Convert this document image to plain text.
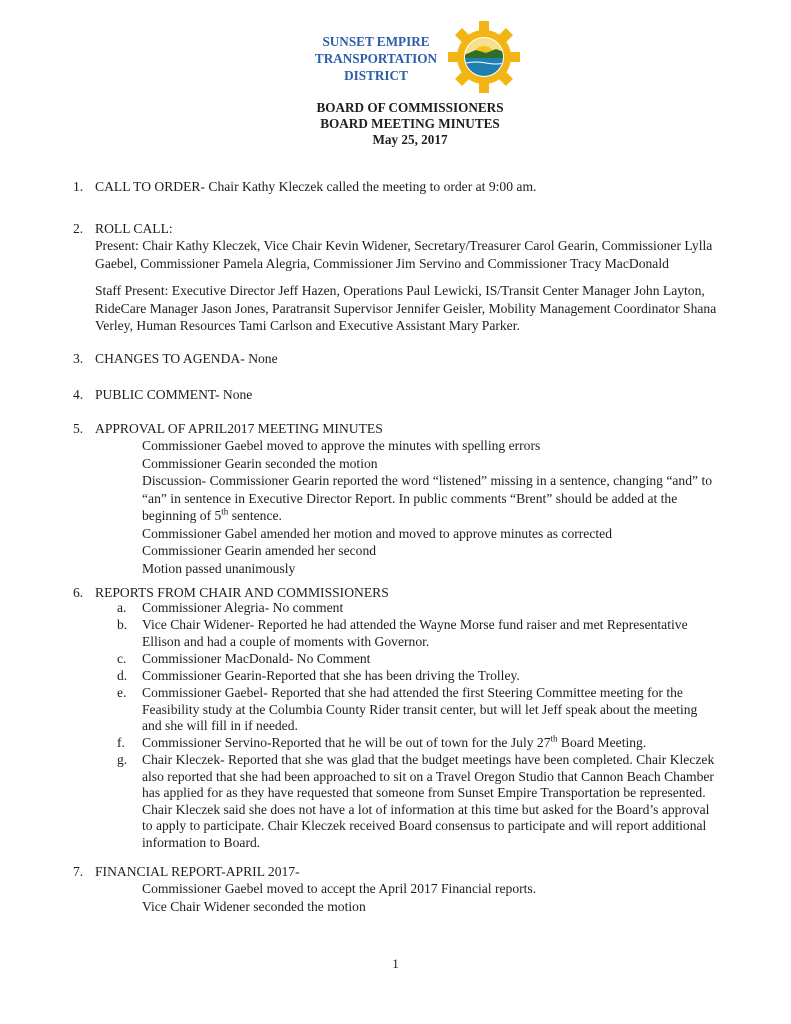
SUNSET EMPIRE
TRANSPORTATION
DISTRICT
BOARD OF COMMISSIONERS
BOARD MEETING MINUTES
May 25, 2017
1. CALL TO ORDER- Chair Kathy Kleczek called the meeting to order at 9:00 am.
2. ROLL CALL:
Present: Chair Kathy Kleczek, Vice Chair Kevin Widener, Secretary/Treasurer Carol Gearin, Commissioner Lylla
Gaebel, Commissioner Pamela Alegria, Commissioner Jim Servino and Commissioner Tracy MacDonald
Staff Present: Executive Director Jeff Hazen, Operations Paul Lewicki, IS/Transit Center Manager John Layton,
RideCare Manager Jason Jones, Paratransit Supervisor Jennifer Geisler, Mobility Management Coordinator Shana
Verley, Human Resources Tami Carlson and Executive Assistant Mary Parker.
3. CHANGES TO AGENDA- None
4. PUBLIC COMMENT- None
5. APPROVAL OF APRIL2017 MEETING MINUTES
Commissioner Gaebel moved to approve the minutes with spelling errors
Commissioner Gearin seconded the motion
Discussion- Commissioner Gearin reported the word “listened” missing in a sentence, changing “and” to
“an” in sentence in Executive Director Report. In public comments “Brent” should be added at the
beginning of 5th sentence.
Commissioner Gabel amended her motion and moved to approve minutes as corrected
Commissioner Gearin amended her second
Motion passed unanimously
6. REPORTS FROM CHAIR AND COMMISSIONERS
a. Commissioner Alegria- No comment
b. Vice Chair Widener- Reported he had attended the Wayne Morse fund raiser and met Representative
Ellison and had a couple of moments with Governor.
c. Commissioner MacDonald- No Comment
d. Commissioner Gearin-Reported that she has been driving the Trolley.
e. Commissioner Gaebel- Reported that she had attended the first Steering Committee meeting for the
Feasibility study at the Columbia County Rider transit center, but will let Jeff speak about the meeting
and she will fill in if needed.
f. Commissioner Servino-Reported that he will be out of town for the July 27th Board Meeting.
g. Chair Kleczek- Reported that she was glad that the budget meetings have been completed. Chair Kleczek
also reported that she had been approached to sit on a Travel Oregon Studio that Cannon Beach Chamber
has applied for as they have requested that someone from Sunset Empire Transportation be represented.
Chair Kleczek said she does not have a lot of information at this time but asked for the Board’s approval
to apply to participate. Chair Kleczek received Board consensus to participate and will report additional
information to Board.
7. FINANCIAL REPORT-APRIL 2017-
Commissioner Gaebel moved to accept the April 2017 Financial reports.
Vice Chair Widener seconded the motion
1
